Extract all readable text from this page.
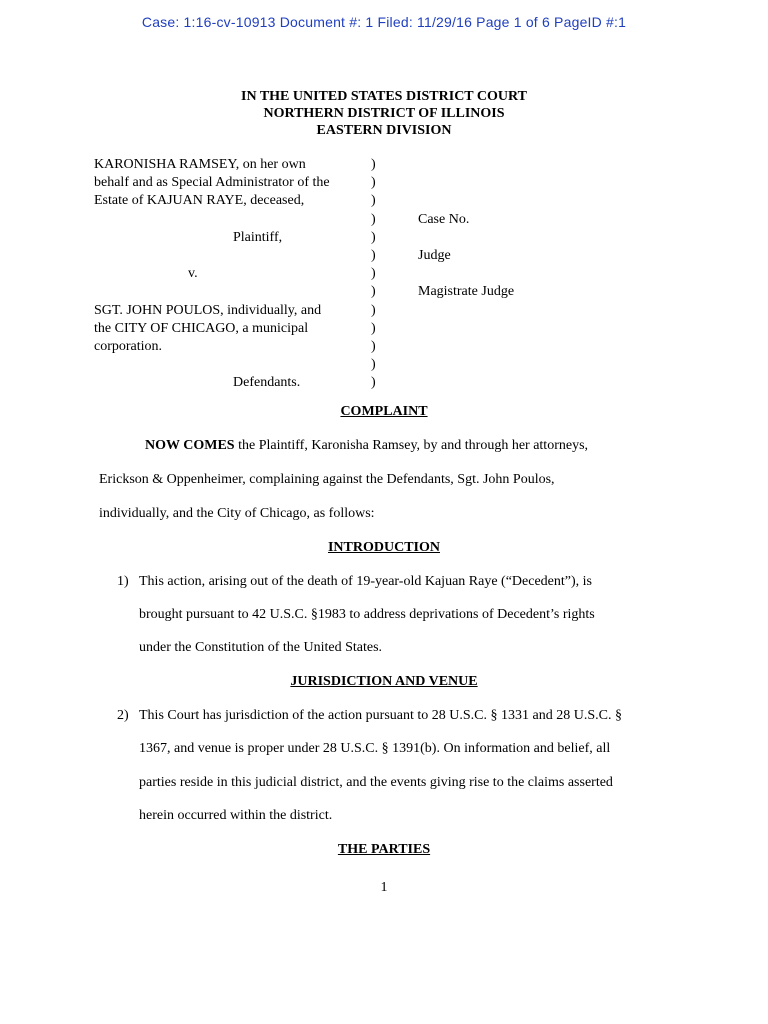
Case: 1:16-cv-10913 Document #: 1 Filed: 11/29/16 Page 1 of 6 PageID #:1
IN THE UNITED STATES DISTRICT COURT
NORTHERN DISTRICT OF ILLINOIS
EASTERN DIVISION
KARONISHA RAMSEY, on her own
behalf and as Special Administrator of the
Estate of KAJUAN RAYE, deceased,
Plaintiff,
v.
SGT. JOHN POULOS, individually, and
the CITY OF CHICAGO, a municipal
corporation.
Defendants.
)
)
)
)
)
)
)
)
)
)
)
)
)
Case No.
Judge
Magistrate Judge
COMPLAINT
NOW COMES the Plaintiff, Karonisha Ramsey, by and through her attorneys,
Erickson & Oppenheimer, complaining against the Defendants, Sgt. John Poulos,
individually, and the City of Chicago, as follows:
INTRODUCTION
1) This action, arising out of the death of 19-year-old Kajuan Raye (“Decedent”), is
brought pursuant to 42 U.S.C. §1983 to address deprivations of Decedent’s rights
under the Constitution of the United States.
JURISDICTION AND VENUE
2) This Court has jurisdiction of the action pursuant to 28 U.S.C. § 1331 and 28 U.S.C. §
1367, and venue is proper under 28 U.S.C. § 1391(b). On information and belief, all
parties reside in this judicial district, and the events giving rise to the claims asserted
herein occurred within the district.
THE PARTIES
1
